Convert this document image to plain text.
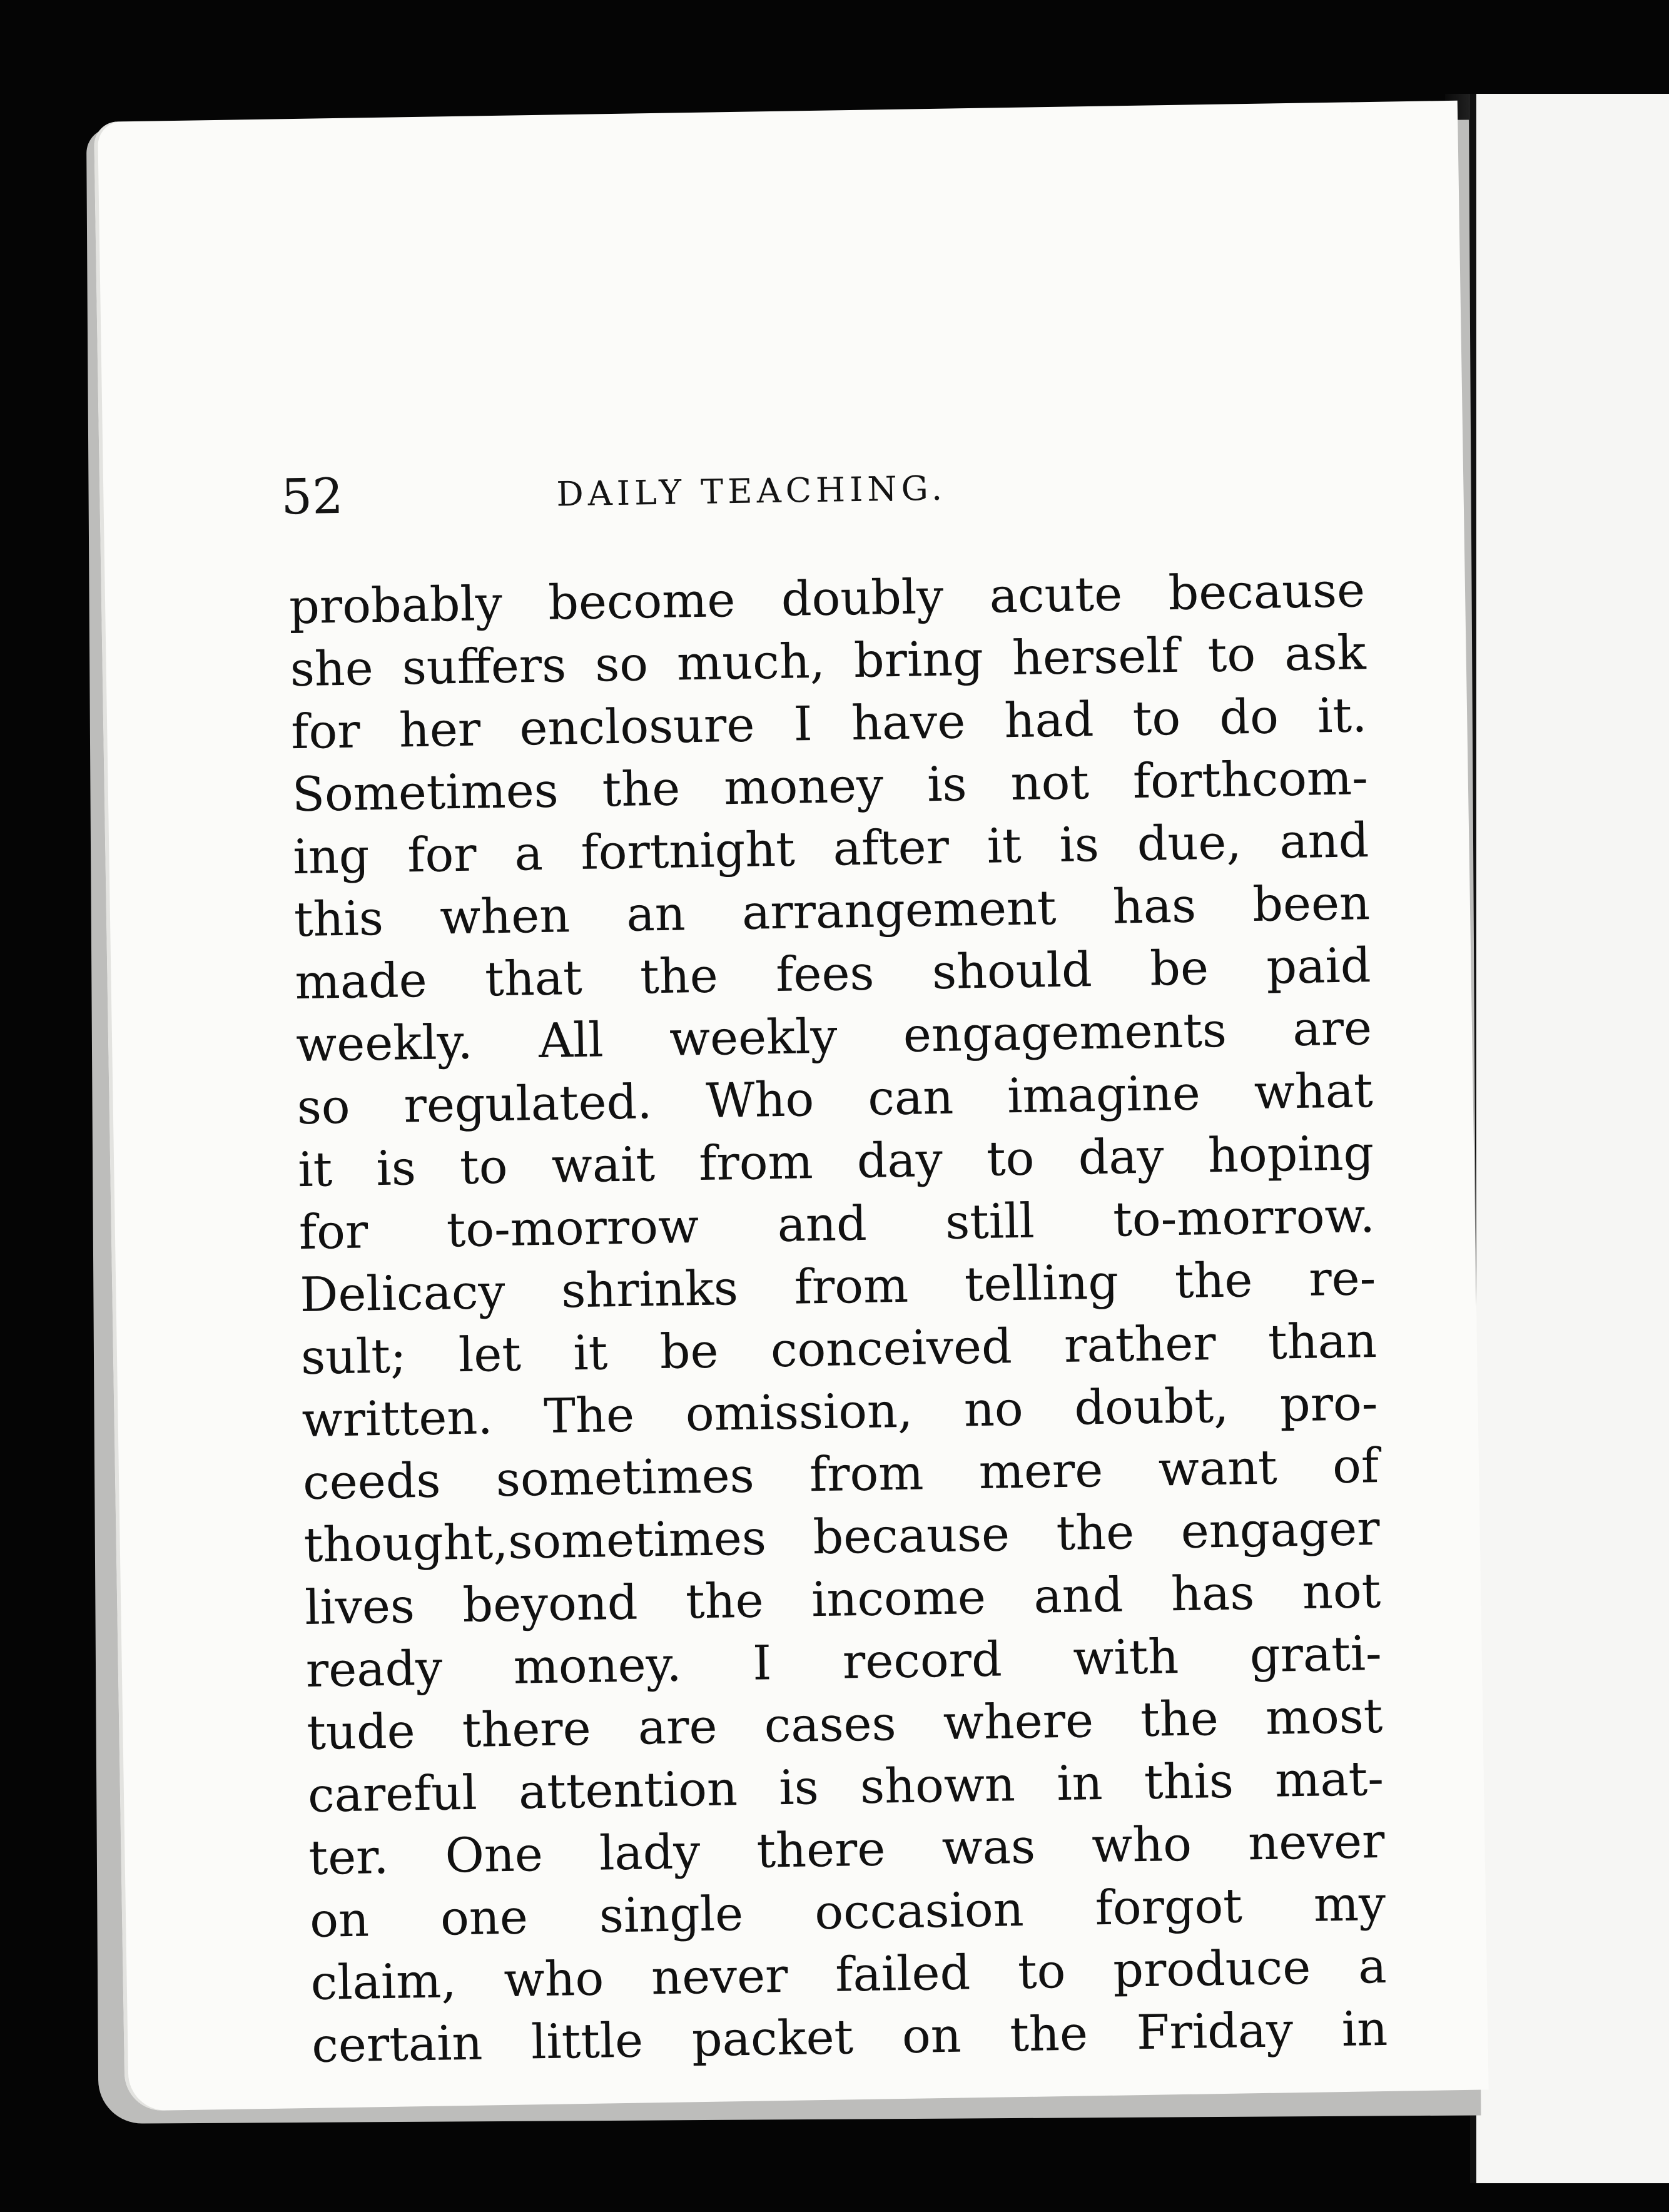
52	DAILY TEACHING.
probably become doubly acute because
she suffers so much, bring herself to ask
for her enclosure I have had to do it.
Sometimes the money is not forthcom-
ing for a fortnight after it is due, and
this when an arrangement has been
made that the fees should be paid
weekly. All weekly engagements are
so regulated. Who can imagine what
it is to wait from day to day hoping
for to-morrow and still to-morrow.
Delicacy shrinks from telling the re-
sult; let it be conceived rather than
written. The omission, no doubt, pro-
ceeds sometimes from mere want of
thought,sometimes because the engager
lives beyond the income and has not
ready money. I record with grati-
tude there are cases where the most
careful attention is shown in this mat-
ter. One lady there was who never
on one single occasion forgot my
claim, who never failed to produce a
certain little packet on the Friday in
